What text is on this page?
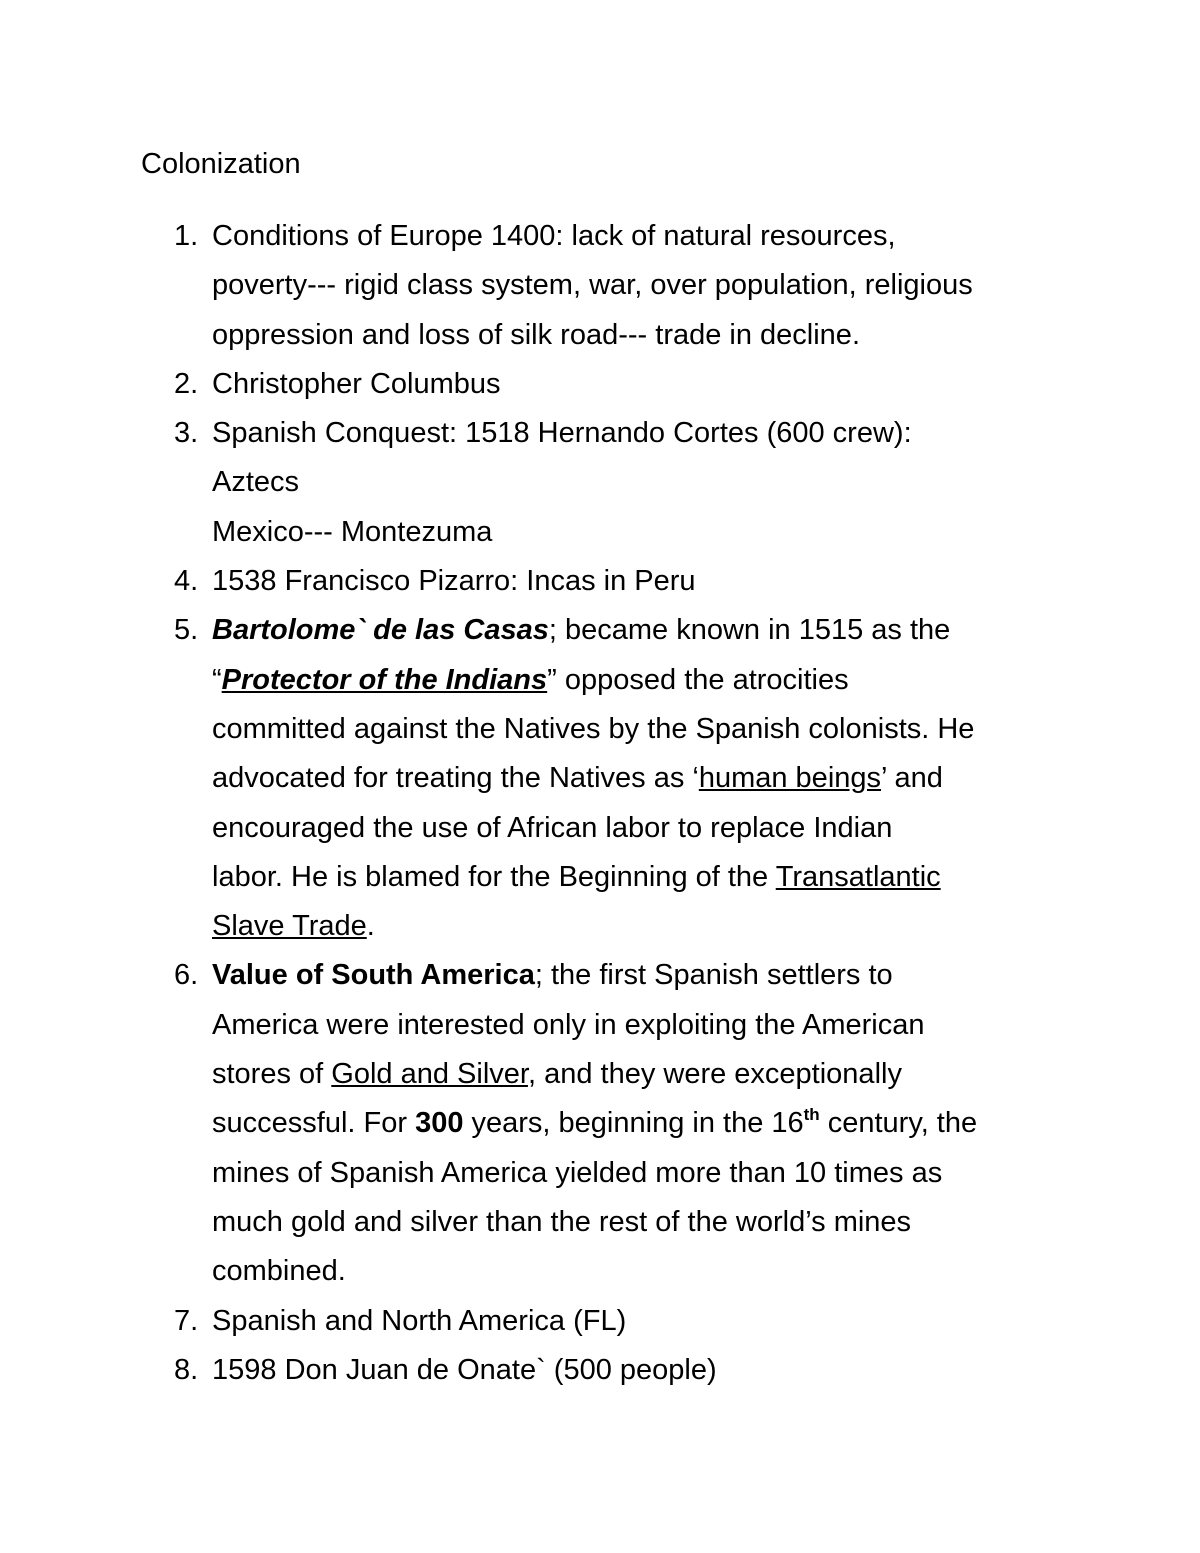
Colonization
1. Conditions of Europe 1400: lack of natural resources,
poverty--- rigid class system, war, over population, religious
oppression and loss of silk road--- trade in decline.
2. Christopher Columbus
3. Spanish Conquest: 1518 Hernando Cortes (600 crew):
Aztecs
Mexico--- Montezuma
4. 1538 Francisco Pizarro: Incas in Peru
5. Bartolome` de las Casas; became known in 1515 as the
“Protector of the Indians” opposed the atrocities
committed against the Natives by the Spanish colonists. He
advocated for treating the Natives as ‘human beings’ and
encouraged the use of African labor to replace Indian
labor. He is blamed for the Beginning of the Transatlantic
Slave Trade.
6. Value of South America; the first Spanish settlers to
America were interested only in exploiting the American
stores of Gold and Silver, and they were exceptionally
successful. For 300 years, beginning in the 16th century, the
mines of Spanish America yielded more than 10 times as
much gold and silver than the rest of the world’s mines
combined.
7. Spanish and North America (FL)
8. 1598 Don Juan de Onate` (500 people)
